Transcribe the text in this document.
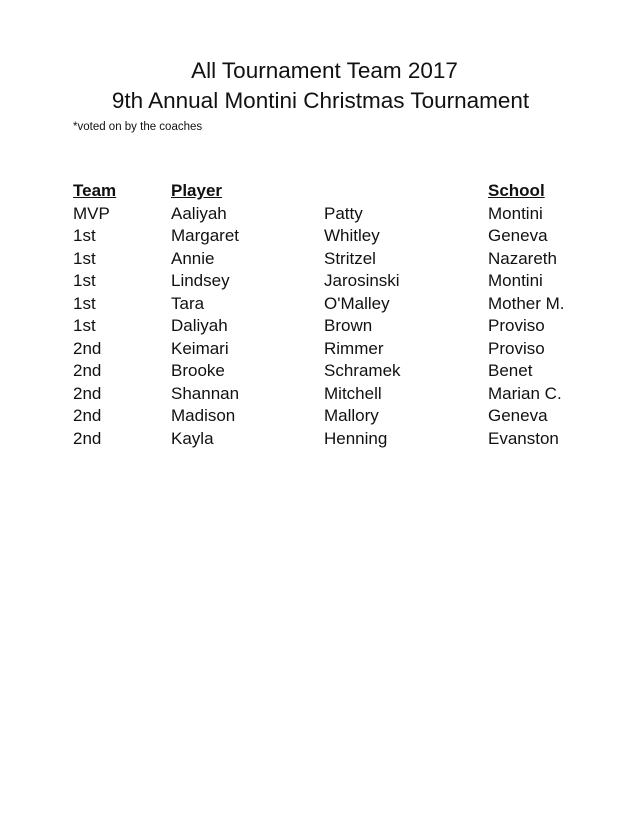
All Tournament Team 2017
9th Annual Montini Christmas Tournament
*voted on by the coaches
Team	Player		School
MVP	Aaliyah	Patty	Montini
1st	Margaret	Whitley	Geneva
1st	Annie	Stritzel	Nazareth
1st	Lindsey	Jarosinski	Montini
1st	Tara	O'Malley	Mother M.
1st	Daliyah	Brown	Proviso
2nd	Keimari	Rimmer	Proviso
2nd	Brooke	Schramek	Benet
2nd	Shannan	Mitchell	Marian C.
2nd	Madison	Mallory	Geneva
2nd	Kayla	Henning	Evanston
